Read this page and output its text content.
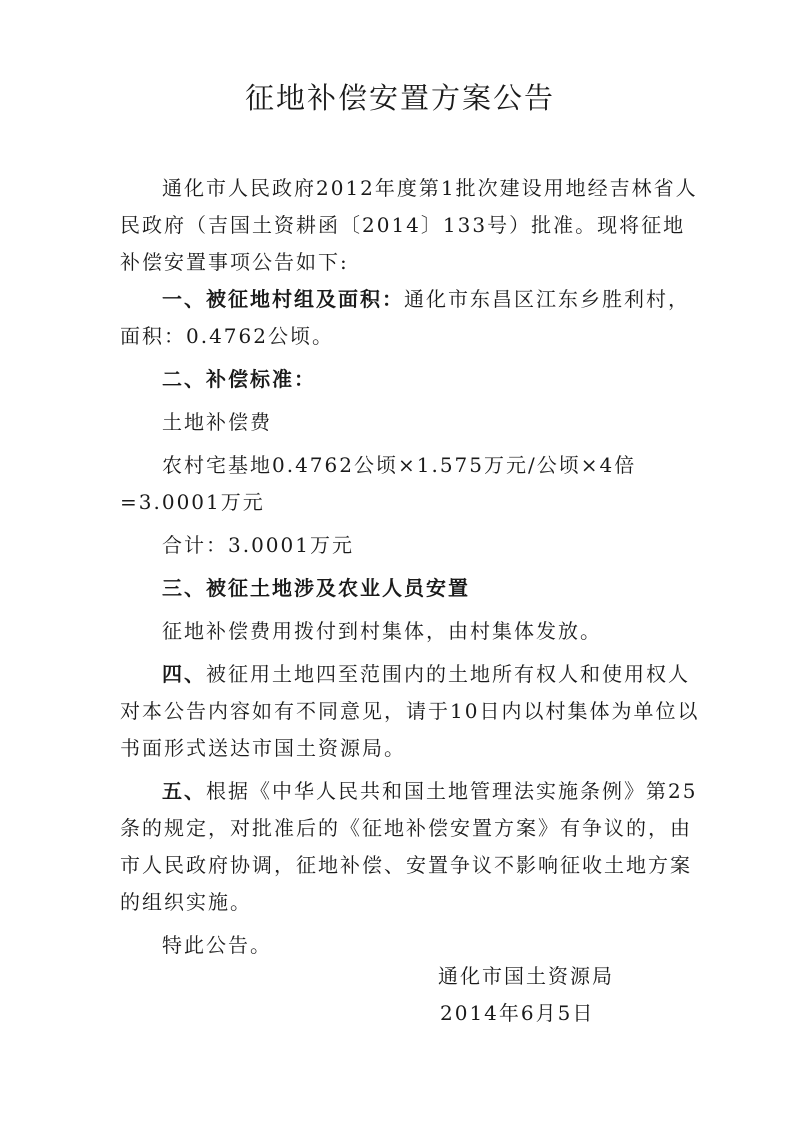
征地补偿安置方案公告

通化市人民政府2012年度第1批次建设用地经吉林省人民政府（吉国土资耕函〔2014〕133号）批准。现将征地补偿安置事项公告如下:

一、被征地村组及面积：通化市东昌区江东乡胜利村，面积：0.4762公顷。

二、补偿标准：

土地补偿费

农村宅基地0.4762公顷×1.575万元/公顷×4倍=3.0001万元

合计：3.0001万元

三、被征土地涉及农业人员安置

征地补偿费用拨付到村集体，由村集体发放。

四、被征用土地四至范围内的土地所有权人和使用权人对本公告内容如有不同意见，请于10日内以村集体为单位以书面形式送达市国土资源局。

五、根据《中华人民共和国土地管理法实施条例》第25条的规定，对批准后的《征地补偿安置方案》有争议的，由市人民政府协调，征地补偿、安置争议不影响征收土地方案的组织实施。

特此公告。

通化市国土资源局
2014年6月5日
